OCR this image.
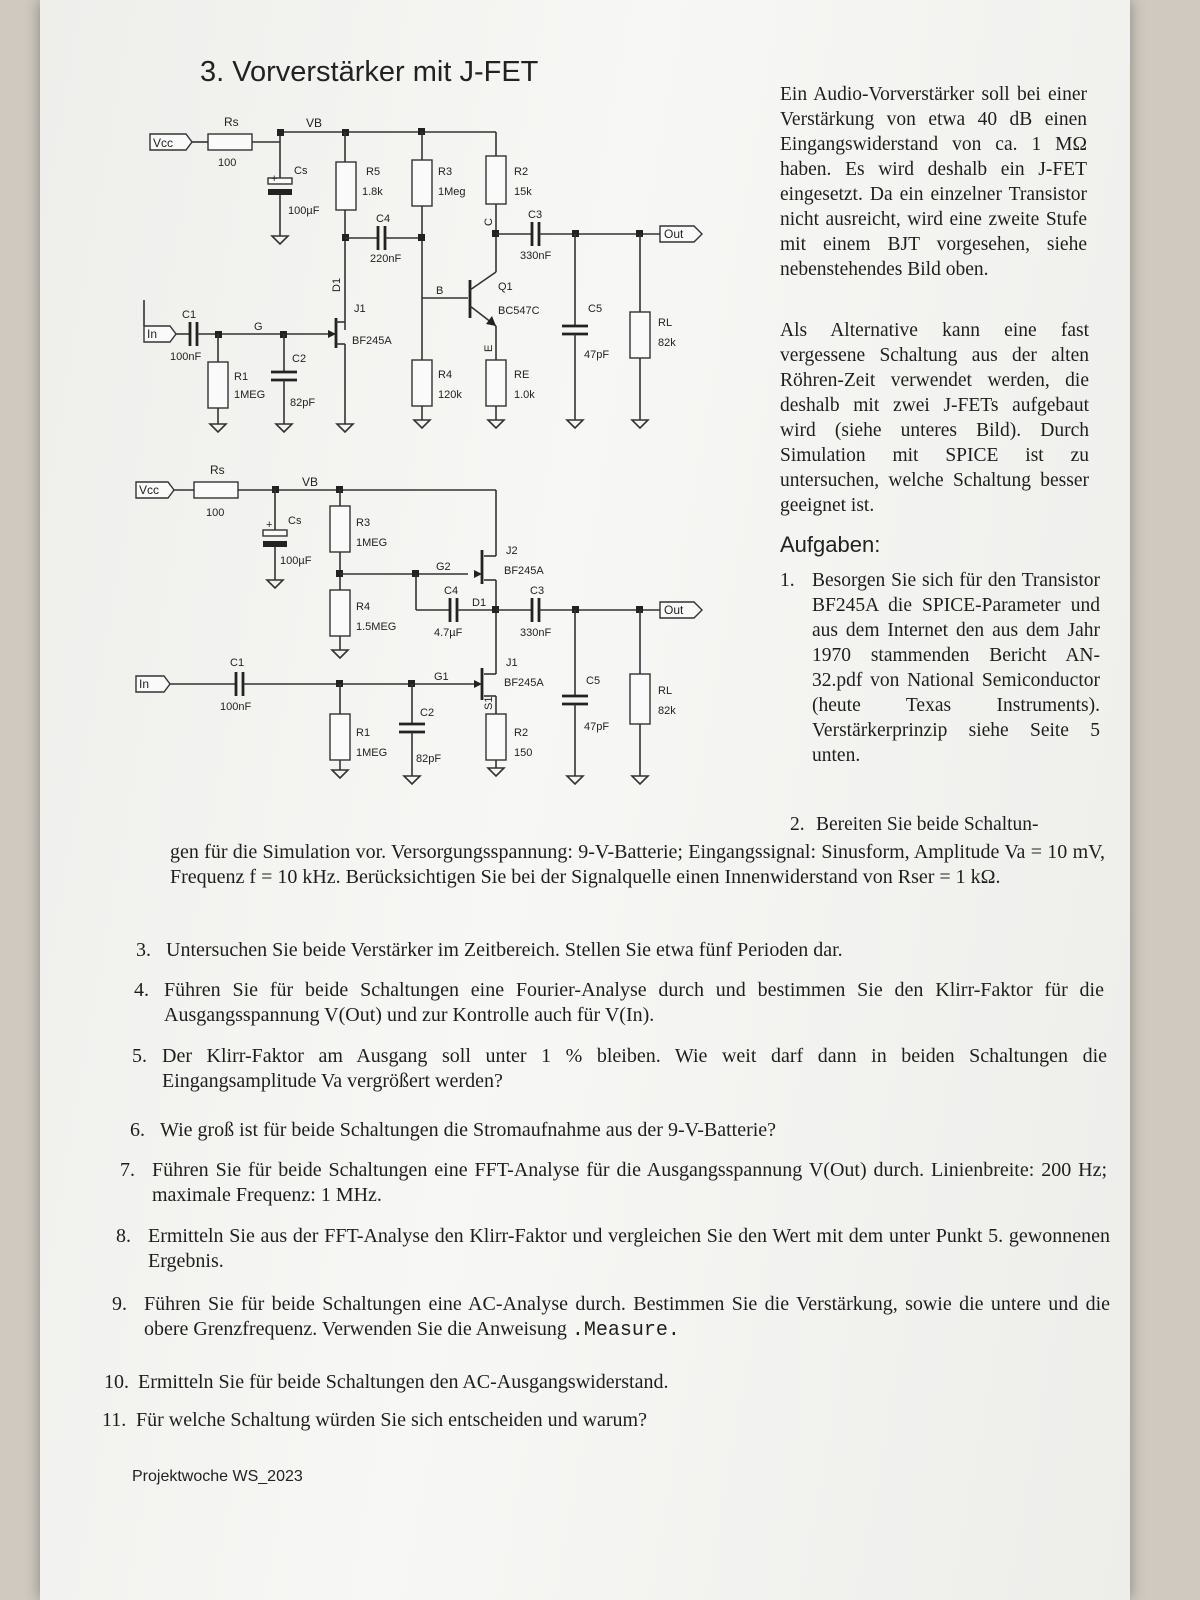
3. Vorverstärker mit J-FET
Vcc
Rs
100
VB
+
Cs
100µF
R5
1.8k
D1
C4
220nF
R3
1Meg
B
R4
120k
Q1
BC547C
R2
15k
C
E
RE
1.0k
C3
330nF
C5
47pF
RL
82k
Out
In
C1
100nF
G
R1
1MEG
C2
82pF
J1
BF245A
Vcc
Rs
100
VB
+ Cs
100µF
R3
1MEG
G2
R4
1.5MEG
J2
BF245A
C4
4.7µF
D1
C3
330nF
Out
C5
47pF
RL
82k
J1
BF245A
S1
R2
150
In
C1
100nF
G1
R1
1MEG
C2
82pF
Ein Audio-Vorverstärker soll bei einer Verstärkung von etwa 40 dB einen Eingangswiderstand von ca. 1 MΩ haben. Es wird deshalb ein J-FET eingesetzt. Da ein einzelner Transistor nicht ausreicht, wird eine zweite Stufe mit einem BJT vorgesehen, siehe nebenstehendes Bild oben.
Als Alternative kann eine fast vergessene Schaltung aus der alten Röhren-Zeit verwendet werden, die deshalb mit zwei J-FETs aufgebaut wird (siehe unteres Bild). Durch Simulation mit SPICE ist zu untersuchen, welche Schaltung besser geeignet ist.
Aufgaben:
1. Besorgen Sie sich für den Transistor BF245A die SPICE-Parameter und aus dem Internet den aus dem Jahr 1970 stammenden Bericht AN-32.pdf von National Semiconductor (heute Texas Instruments). Verstärkerprinzip siehe Seite 5 unten.
2. Bereiten Sie beide Schaltun-
gen für die Simulation vor. Versorgungsspannung: 9-V-Batterie; Eingangssignal: Sinusform, Amplitude Va = 10 mV, Frequenz f = 10 kHz. Berücksichtigen Sie bei der Signalquelle einen Innenwiderstand von Rser = 1 kΩ.
3. Untersuchen Sie beide Verstärker im Zeitbereich. Stellen Sie etwa fünf Perioden dar.
4. Führen Sie für beide Schaltungen eine Fourier-Analyse durch und bestimmen Sie den Klirr-Faktor für die Ausgangsspannung V(Out) und zur Kontrolle auch für V(In).
5. Der Klirr-Faktor am Ausgang soll unter 1 % bleiben. Wie weit darf dann in beiden Schaltungen die Eingangsamplitude Va vergrößert werden?
6. Wie groß ist für beide Schaltungen die Stromaufnahme aus der 9-V-Batterie?
7. Führen Sie für beide Schaltungen eine FFT-Analyse für die Ausgangsspannung V(Out) durch. Linienbreite: 200 Hz; maximale Frequenz: 1 MHz.
8. Ermitteln Sie aus der FFT-Analyse den Klirr-Faktor und vergleichen Sie den Wert mit dem unter Punkt 5. gewonnenen Ergebnis.
9. Führen Sie für beide Schaltungen eine AC-Analyse durch. Bestimmen Sie die Verstärkung, sowie die untere und die obere Grenzfrequenz. Verwenden Sie die Anweisung .Measure.
10. Ermitteln Sie für beide Schaltungen den AC-Ausgangswiderstand.
11. Für welche Schaltung würden Sie sich entscheiden und warum?
Projektwoche WS_2023
